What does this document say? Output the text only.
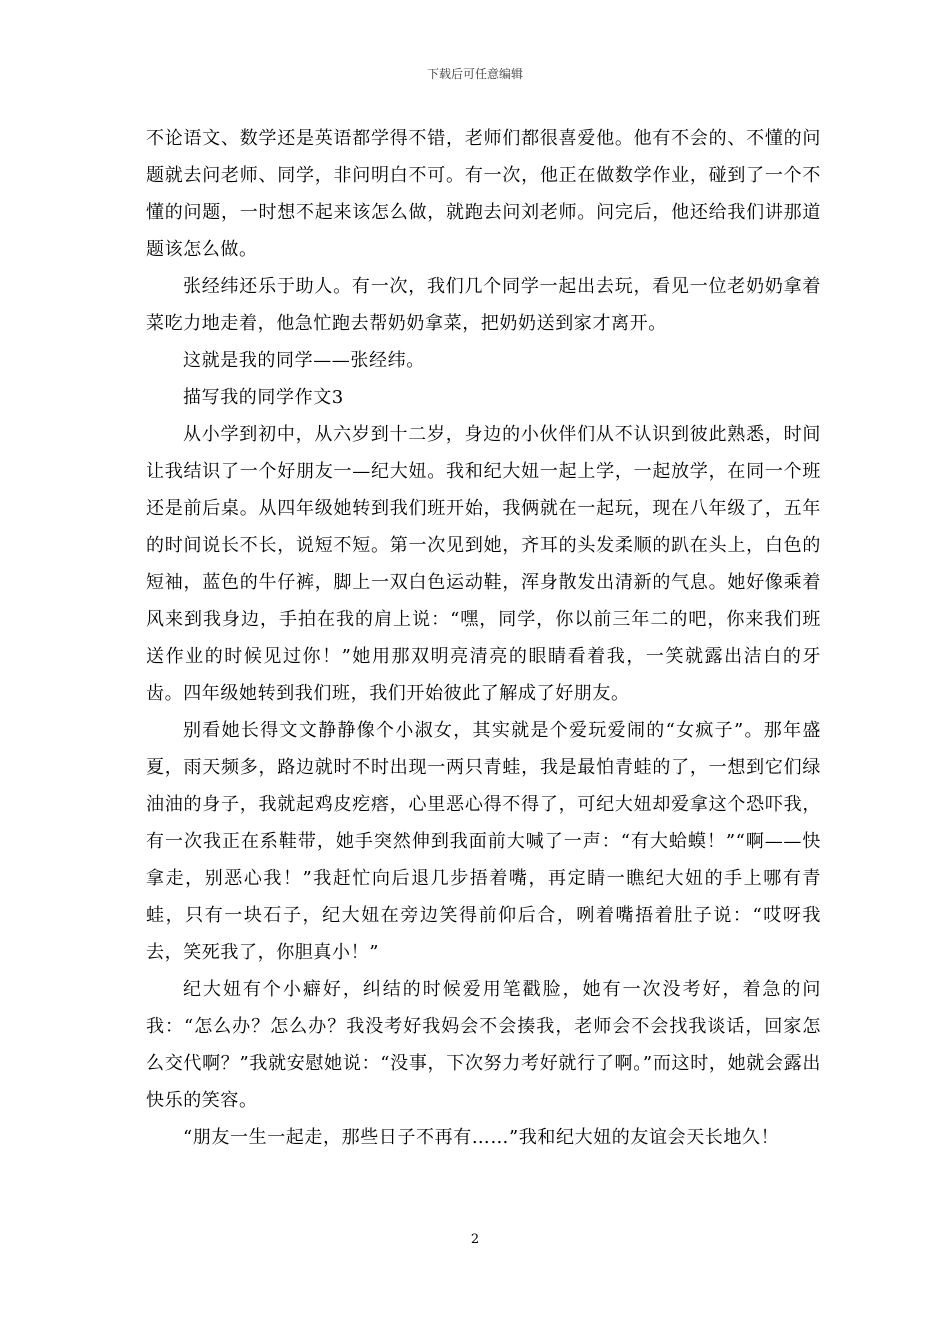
下载后可任意编辑

不论语文、数学还是英语都学得不错，老师们都很喜爱他。他有不会的、不懂的问题就去问老师、同学，非问明白不可。有一次，他正在做数学作业，碰到了一个不懂的问题，一时想不起来该怎么做，就跑去问刘老师。问完后，他还给我们讲那道题该怎么做。

张经纬还乐于助人。有一次，我们几个同学一起出去玩，看见一位老奶奶拿着菜吃力地走着，他急忙跑去帮奶奶拿菜，把奶奶送到家才离开。

这就是我的同学——张经纬。

描写我的同学作文3

从小学到初中，从六岁到十二岁，身边的小伙伴们从不认识到彼此熟悉，时间让我结识了一个好朋友一—纪大妞。我和纪大妞一起上学，一起放学，在同一个班还是前后桌。从四年级她转到我们班开始，我俩就在一起玩，现在八年级了，五年的时间说长不长，说短不短。第一次见到她，齐耳的头发柔顺的趴在头上，白色的短袖，蓝色的牛仔裤，脚上一双白色运动鞋，浑身散发出清新的气息。她好像乘着风来到我身边，手拍在我的肩上说：“嘿，同学，你以前三年二的吧，你来我们班送作业的时候见过你！”她用那双明亮清亮的眼睛看着我，一笑就露出洁白的牙齿。四年级她转到我们班，我们开始彼此了解成了好朋友。

别看她长得文文静静像个小淑女，其实就是个爱玩爱闹的“女疯子”。那年盛夏，雨天频多，路边就时不时出现一两只青蛙，我是最怕青蛙的了，一想到它们绿油油的身子，我就起鸡皮疙瘩，心里恶心得不得了，可纪大妞却爱拿这个恐吓我，有一次我正在系鞋带，她手突然伸到我面前大喊了一声：“有大蛤蟆！”“啊——快拿走，别恶心我！”我赶忙向后退几步捂着嘴，再定睛一瞧纪大妞的手上哪有青蛙，只有一块石子，纪大妞在旁边笑得前仰后合，咧着嘴捂着肚子说：“哎呀我去，笑死我了，你胆真小！”

纪大妞有个小癖好，纠结的时候爱用笔戳脸，她有一次没考好，着急的问我：“怎么办？怎么办？我没考好我妈会不会揍我，老师会不会找我谈话，回家怎么交代啊？”我就安慰她说：“没事，下次努力考好就行了啊。”而这时，她就会露出快乐的笑容。

“朋友一生一起走，那些日子不再有……”我和纪大妞的友谊会天长地久！

2
